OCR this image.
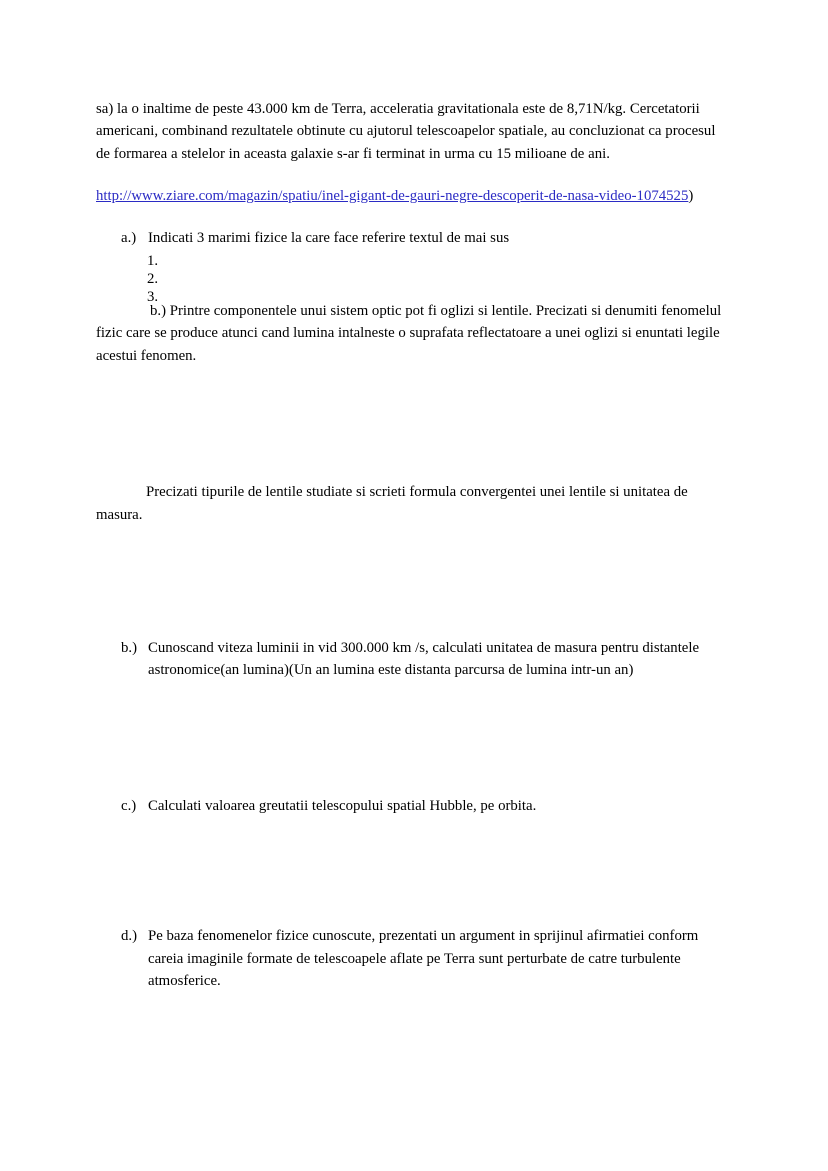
sa) la o inaltime de peste 43.000 km de Terra, acceleratia gravitationala este de 8,71N/kg. Cercetatorii americani, combinand rezultatele obtinute cu ajutorul telescoapelor spatiale, au concluzionat ca procesul de formarea a stelelor in aceasta galaxie s-ar fi terminat in urma cu 15 milioane de ani.

http://www.ziare.com/magazin/spatiu/inel-gigant-de-gauri-negre-descoperit-de-nasa-video-1074525)

a.) Indicati 3 marimi fizice la care face referire textul de mai sus
1.
2.
3.

b.) Printre componentele unui sistem optic pot fi oglizi si lentile. Precizati si denumiti fenomelul fizic care se produce atunci cand lumina intalneste o suprafata reflectatoare a unei oglizi si enuntati legile acestui fenomen.

Precizati tipurile de lentile studiate si scrieti formula convergentei unei lentile si unitatea de masura.

b.) Cunoscand viteza luminii in vid 300.000 km /s, calculati unitatea de masura pentru distantele astronomice(an lumina)(Un an lumina este distanta parcursa de lumina intr-un an)
c.) Calculati valoarea greutatii telescopului spatial Hubble, pe orbita.
d.) Pe baza fenomenelor fizice cunoscute, prezentati un argument in sprijinul afirmatiei conform careia imaginile formate de telescoapele aflate pe Terra sunt perturbate de catre turbulente atmosferice.
